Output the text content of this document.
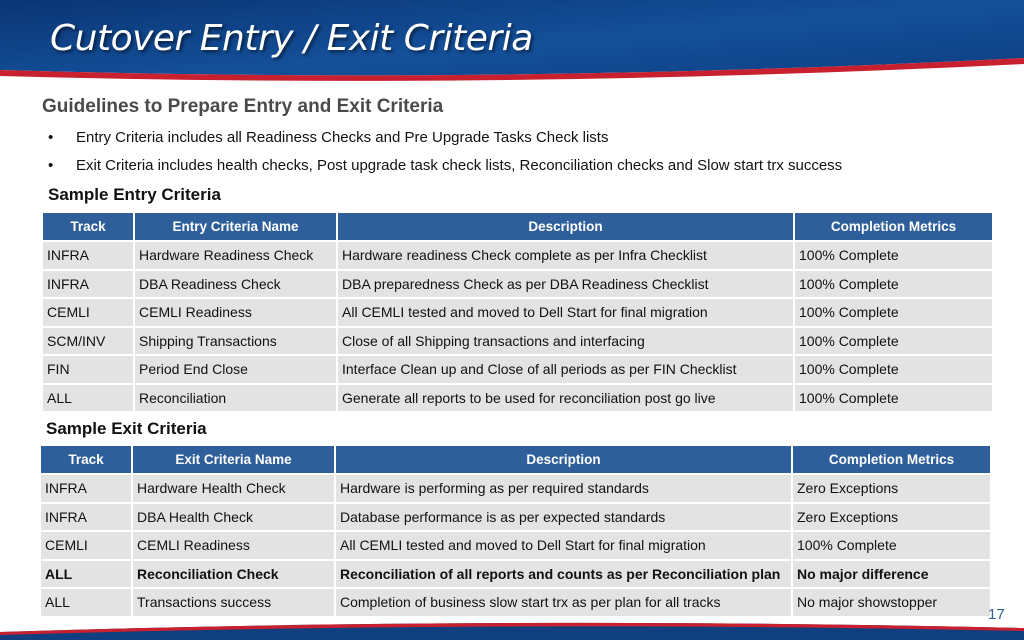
Cutover Entry / Exit Criteria
Guidelines to Prepare Entry and Exit Criteria
•	Entry Criteria includes all Readiness Checks and Pre Upgrade Tasks Check lists
•	Exit Criteria includes health checks, Post upgrade task check lists, Reconciliation checks and Slow start trx success
Sample Entry Criteria
Track	Entry Criteria Name	Description	Completion Metrics
INFRA	Hardware Readiness Check	Hardware readiness Check complete as per Infra Checklist	100% Complete
INFRA	DBA Readiness Check	DBA preparedness Check as per DBA Readiness Checklist	100% Complete
CEMLI	CEMLI Readiness	All CEMLI tested and moved to Dell Start for final migration	100% Complete
SCM/INV	Shipping Transactions	Close of all Shipping transactions and interfacing	100% Complete
FIN	Period End Close	Interface Clean up and Close of all periods as per FIN Checklist	100% Complete
ALL	Reconciliation	Generate all reports to be used for reconciliation post go live	100% Complete
Sample Exit Criteria
Track	Exit Criteria Name	Description	Completion Metrics
INFRA	Hardware Health Check	Hardware is performing as per required standards	Zero Exceptions
INFRA	DBA Health Check	Database performance is as per expected standards	Zero Exceptions
CEMLI	CEMLI Readiness	All CEMLI tested and moved to Dell Start for final migration	100% Complete
ALL	Reconciliation Check	Reconciliation of all reports and counts as per Reconciliation plan	No major difference
ALL	Transactions success	Completion of business slow start trx as per plan for all tracks	No major showstopper
17
